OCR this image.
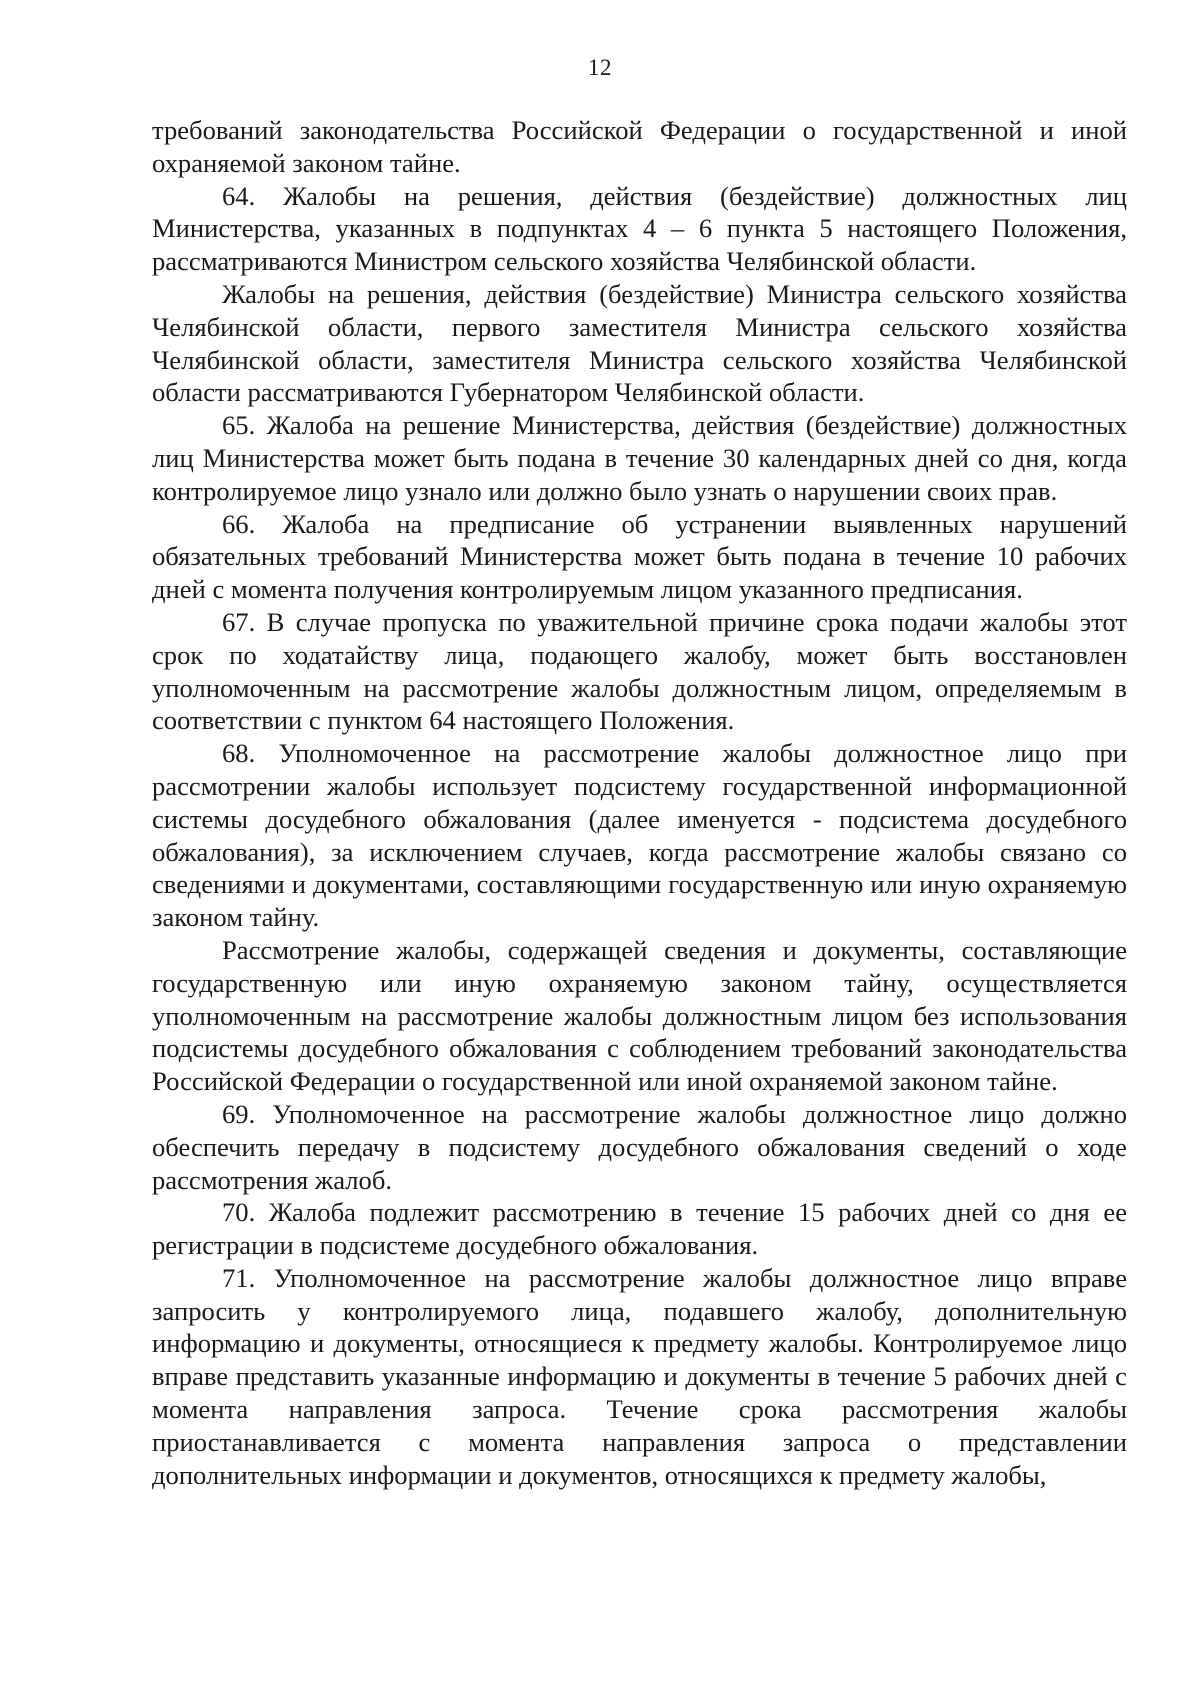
12

требований законодательства Российской Федерации о государственной и иной охраняемой законом тайне.

64. Жалобы на решения, действия (бездействие) должностных лиц Министерства, указанных в подпунктах 4 – 6 пункта 5 настоящего Положения, рассматриваются Министром сельского хозяйства Челябинской области.

Жалобы на решения, действия (бездействие) Министра сельского хозяйства Челябинской области, первого заместителя Министра сельского хозяйства Челябинской области, заместителя Министра сельского хозяйства Челябинской области рассматриваются Губернатором Челябинской области.

65. Жалоба на решение Министерства, действия (бездействие) должностных лиц Министерства может быть подана в течение 30 календарных дней со дня, когда контролируемое лицо узнало или должно было узнать о нарушении своих прав.

66. Жалоба на предписание об устранении выявленных нарушений обязательных требований Министерства может быть подана в течение 10 рабочих дней с момента получения контролируемым лицом указанного предписания.

67. В случае пропуска по уважительной причине срока подачи жалобы этот срок по ходатайству лица, подающего жалобу, может быть восстановлен уполномоченным на рассмотрение жалобы должностным лицом, определяемым в соответствии с пунктом 64 настоящего Положения.

68. Уполномоченное на рассмотрение жалобы должностное лицо при рассмотрении жалобы использует подсистему государственной информационной системы досудебного обжалования (далее именуется - подсистема досудебного обжалования), за исключением случаев, когда рассмотрение жалобы связано со сведениями и документами, составляющими государственную или иную охраняемую законом тайну.

Рассмотрение жалобы, содержащей сведения и документы, составляющие государственную или иную охраняемую законом тайну, осуществляется уполномоченным на рассмотрение жалобы должностным лицом без использования подсистемы досудебного обжалования с соблюдением требований законодательства Российской Федерации о государственной или иной охраняемой законом тайне.

69. Уполномоченное на рассмотрение жалобы должностное лицо должно обеспечить передачу в подсистему досудебного обжалования сведений о ходе рассмотрения жалоб.

70. Жалоба подлежит рассмотрению в течение 15 рабочих дней со дня ее регистрации в подсистеме досудебного обжалования.

71. Уполномоченное на рассмотрение жалобы должностное лицо вправе запросить у контролируемого лица, подавшего жалобу, дополнительную информацию и документы, относящиеся к предмету жалобы. Контролируемое лицо вправе представить указанные информацию и документы в течение 5 рабочих дней с момента направления запроса. Течение срока рассмотрения жалобы приостанавливается с момента направления запроса о представлении дополнительных информации и документов, относящихся к предмету жалобы,
